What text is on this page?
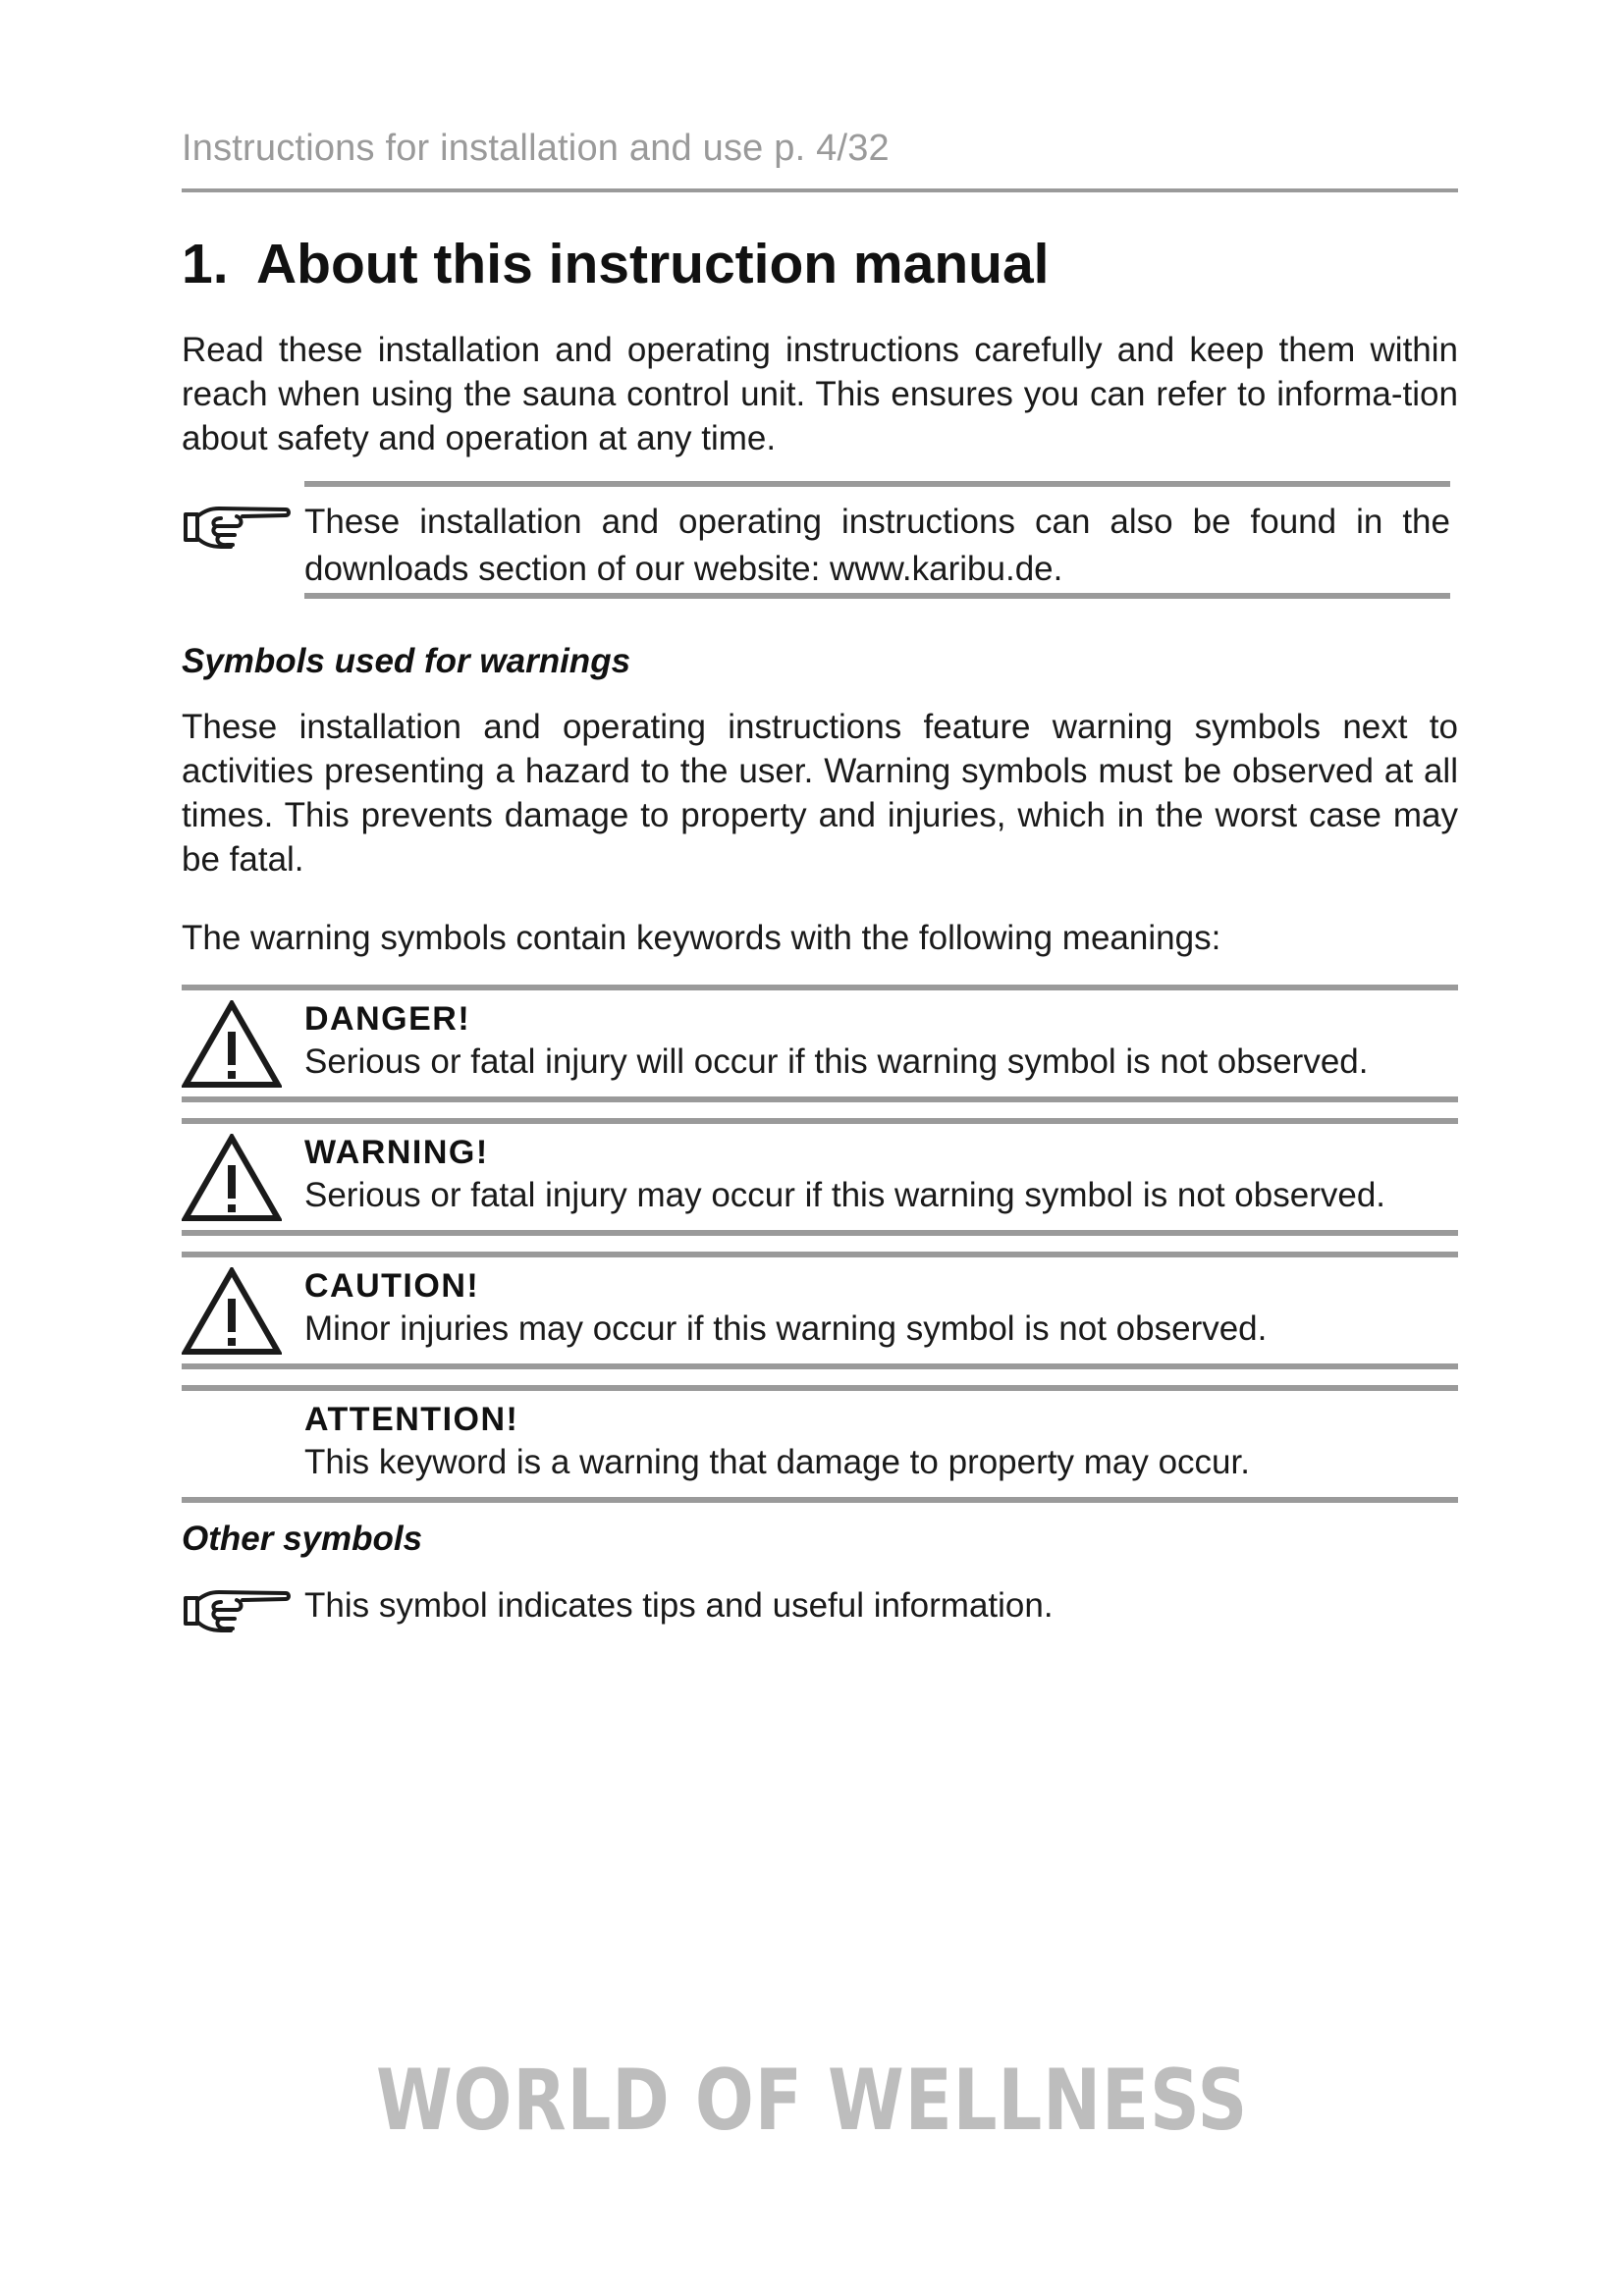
Instructions for installation and use p. 4/32
1. About this instruction manual

Read these installation and operating instructions carefully and keep them within reach when using the sauna control unit. This ensures you can refer to informa-tion about safety and operation at any time.

These installation and operating instructions can also be found in the downloads section of our website: www.karibu.de.

Symbols used for warnings

These installation and operating instructions feature warning symbols next to activities presenting a hazard to the user. Warning symbols must be observed at all times. This prevents damage to property and injuries, which in the worst case may be fatal.

The warning symbols contain keywords with the following meanings:

DANGER!
Serious or fatal injury will occur if this warning symbol is not observed.
WARNING!
Serious or fatal injury may occur if this warning symbol is not observed.
CAUTION!
Minor injuries may occur if this warning symbol is not observed.
ATTENTION!
This keyword is a warning that damage to property may occur.
Other symbols
This symbol indicates tips and useful information.
WORLD OF WELLNESS
